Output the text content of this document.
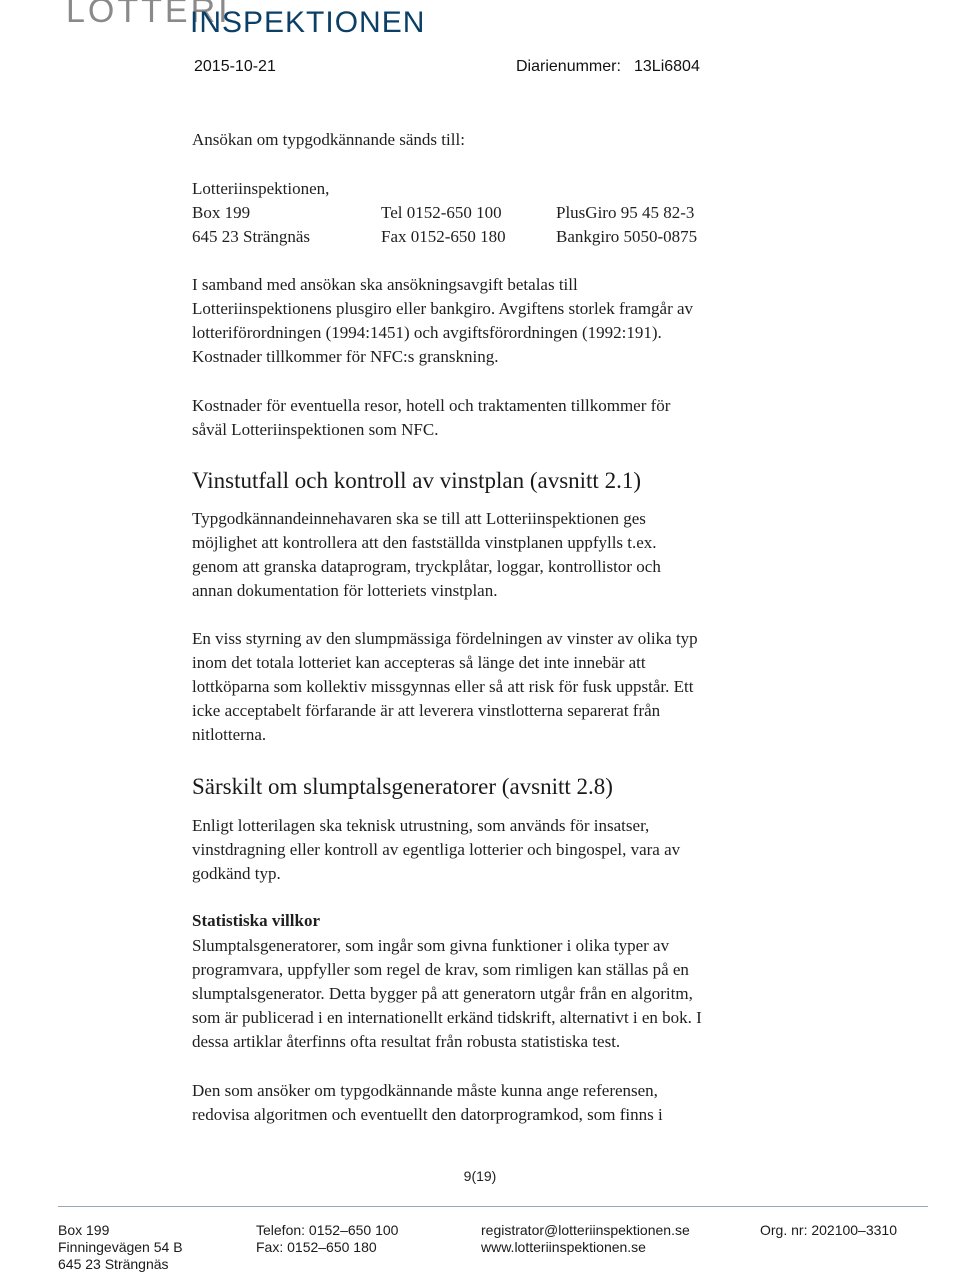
LOTTERI
INSPEKTIONEN
2015-10-21	Diarienummer: 13Li6804

Ansökan om typgodkännande sänds till:

Lotteriinspektionen,
Box 199	Tel 0152-650 100	PlusGiro 95 45 82-3
645 23 Strängnäs	Fax 0152-650 180	Bankgiro 5050-0875
I samband med ansökan ska ansökningsavgift betalas till
Lotteriinspektionens plusgiro eller bankgiro. Avgiftens storlek framgår av
lotteriförordningen (1994:1451) och avgiftsförordningen (1992:191).
Kostnader tillkommer för NFC:s granskning.
Kostnader för eventuella resor, hotell och traktamenten tillkommer för
såväl Lotteriinspektionen som NFC.
Vinstutfall och kontroll av vinstplan (avsnitt 2.1)
Typgodkännandeinnehavaren ska se till att Lotteriinspektionen ges
möjlighet att kontrollera att den fastställda vinstplanen uppfylls t.ex.
genom att granska dataprogram, tryckplåtar, loggar, kontrollistor och
annan dokumentation för lotteriets vinstplan.
En viss styrning av den slumpmässiga fördelningen av vinster av olika typ
inom det totala lotteriet kan accepteras så länge det inte innebär att
lottköparna som kollektiv missgynnas eller så att risk för fusk uppstår. Ett
icke acceptabelt förfarande är att leverera vinstlotterna separerat från
nitlotterna.
Särskilt om slumptalsgeneratorer (avsnitt 2.8)
Enligt lotterilagen ska teknisk utrustning, som används för insatser,
vinstdragning eller kontroll av egentliga lotterier och bingospel, vara av
godkänd typ.
Statistiska villkor
Slumptalsgeneratorer, som ingår som givna funktioner i olika typer av
programvara, uppfyller som regel de krav, som rimligen kan ställas på en
slumptalsgenerator. Detta bygger på att generatorn utgår från en algoritm,
som är publicerad i en internationellt erkänd tidskrift, alternativt i en bok. I
dessa artiklar återfinns ofta resultat från robusta statistiska test.
Den som ansöker om typgodkännande måste kunna ange referensen,
redovisa algoritmen och eventuellt den datorprogramkod, som finns i
9(19)
Box 199
Finningevägen 54 B
645 23 Strängnäs
Telefon: 0152–650 100
Fax: 0152–650 180
registrator@lotteriinspektionen.se
www.lotteriinspektionen.se
Org. nr: 202100–3310
